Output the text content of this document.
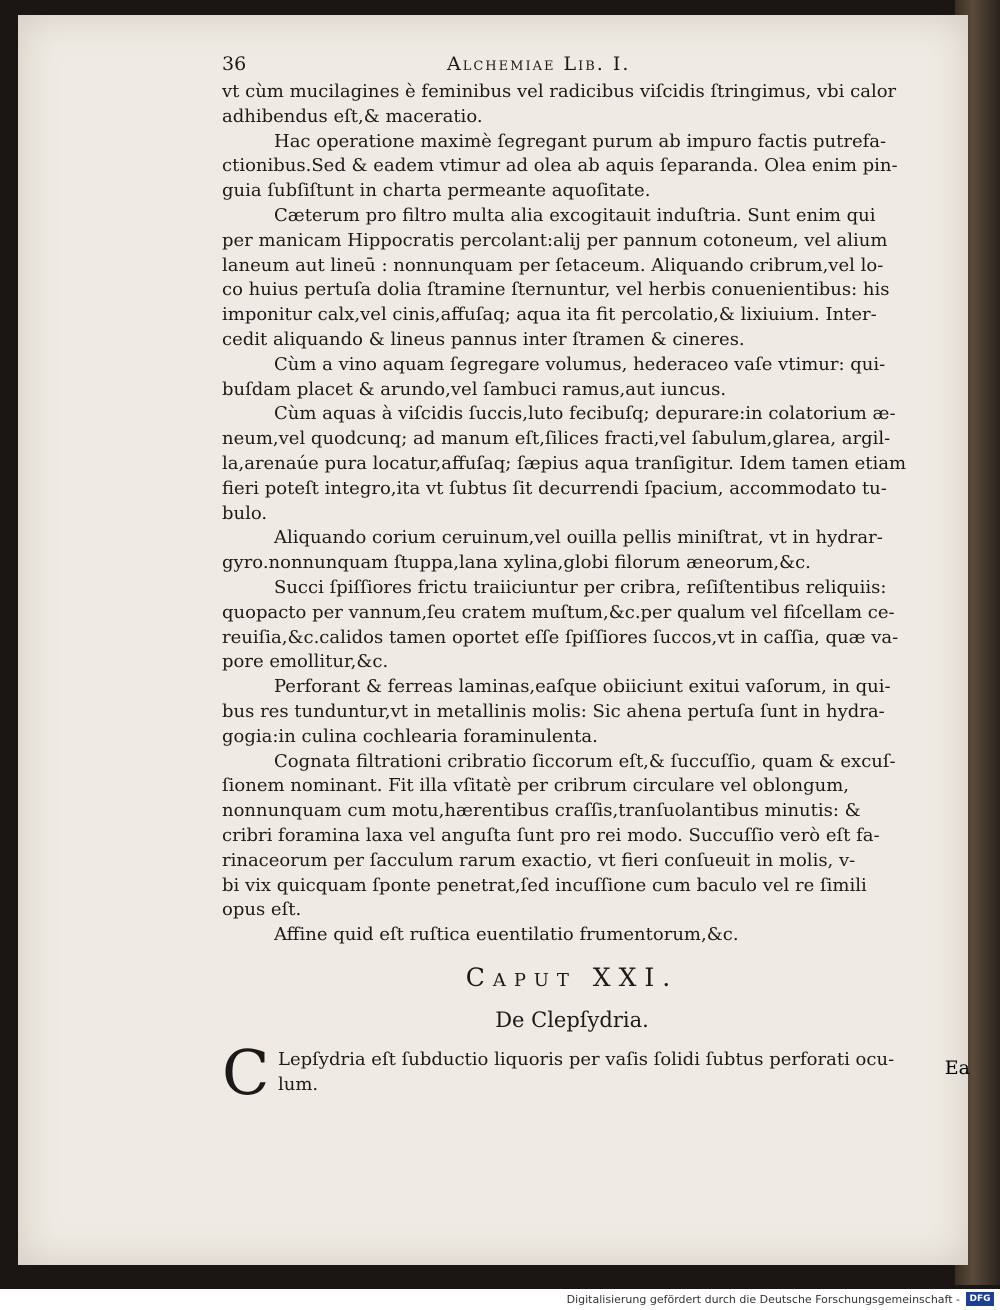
36	Alchemiae Lib. I.
vt cùm mucilagines è feminibus vel radicibus viſcidis ſtringimus, vbi calor
adhibendus eſt,& maceratio.
Hac operatione maximè ſegregant purum ab impuro factis putrefa-
ctionibus.Sed & eadem vtimur ad olea ab aquis ſeparanda. Olea enim pin-
guia ſubſiſtunt in charta permeante aquoſitate.
Cæterum pro filtro multa alia excogitauit induſtria. Sunt enim qui
per manicam Hippocratis percolant:alij per pannum cotoneum, vel alium
laneum aut lineū : nonnunquam per ſetaceum. Aliquando cribrum,vel lo-
co huius pertuſa dolia ſtramine ſternuntur, vel herbis conuenientibus: his
imponitur calx,vel cinis,affuſaq; aqua ita fit percolatio,& lixiuium. Inter-
cedit aliquando & lineus pannus inter ſtramen & cineres.
Cùm a vino aquam ſegregare volumus, hederaceo vaſe vtimur: qui-
buſdam placet & arundo,vel ſambuci ramus,aut iuncus.
Cùm aquas à viſcidis ſuccis,luto fecibuſq; depurare:in colatorium æ-
neum,vel quodcunq; ad manum eſt,ſilices fracti,vel ſabulum,glarea, argil-
la,arenaúe pura locatur,affuſaq; ſæpius aqua tranſigitur. Idem tamen etiam
fieri poteſt integro,ita vt ſubtus ſit decurrendi ſpacium, accommodato tu-
bulo.
Aliquando corium ceruinum,vel ouilla pellis miniſtrat, vt in hydrar-
gyro.nonnunquam ſtuppa,lana xylina,globi filorum æneorum,&c.
Succi ſpiſſiores frictu traiiciuntur per cribra, reſiſtentibus reliquiis:
quopacto per vannum,ſeu cratem muſtum,&c.per qualum vel fiſcellam ce-
reuiſia,&c.calidos tamen oportet eſſe ſpiſſiores ſuccos,vt in caſſia, quæ va-
pore emollitur,&c.
Perforant & ferreas laminas,eaſque obiiciunt exitui vaſorum, in qui-
bus res tunduntur,vt in metallinis molis: Sic ahena pertuſa ſunt in hydra-
gogia:in culina cochlearia foraminulenta.
Cognata filtrationi cribratio ſiccorum eſt,& ſuccuſſio, quam & excuſ-
ſionem nominant. Fit illa vſitatè per cribrum circulare vel oblongum,
nonnunquam cum motu,hærentibus craſſis,tranſuolantibus minutis: &
cribri foramina laxa vel anguſta ſunt pro rei modo. Succuſſio verò eſt fa-
rinaceorum per ſacculum rarum exactio, vt fieri conſueuit in molis, v-
bi vix quicquam ſponte penetrat,ſed incuſſione cum baculo vel re ſimili
opus eſt.
Affine quid eſt ruſtica euentilatio frumentorum,&c.
Caput XXI.
De Clepſydria.
C Lepſydria eſt ſubductio liquoris per vaſis ſolidi ſubtus perforati ocu-
lum.
Ea
Digitalisierung gefördert durch die Deutsche Forschungsgemeinschaft -	DFG
